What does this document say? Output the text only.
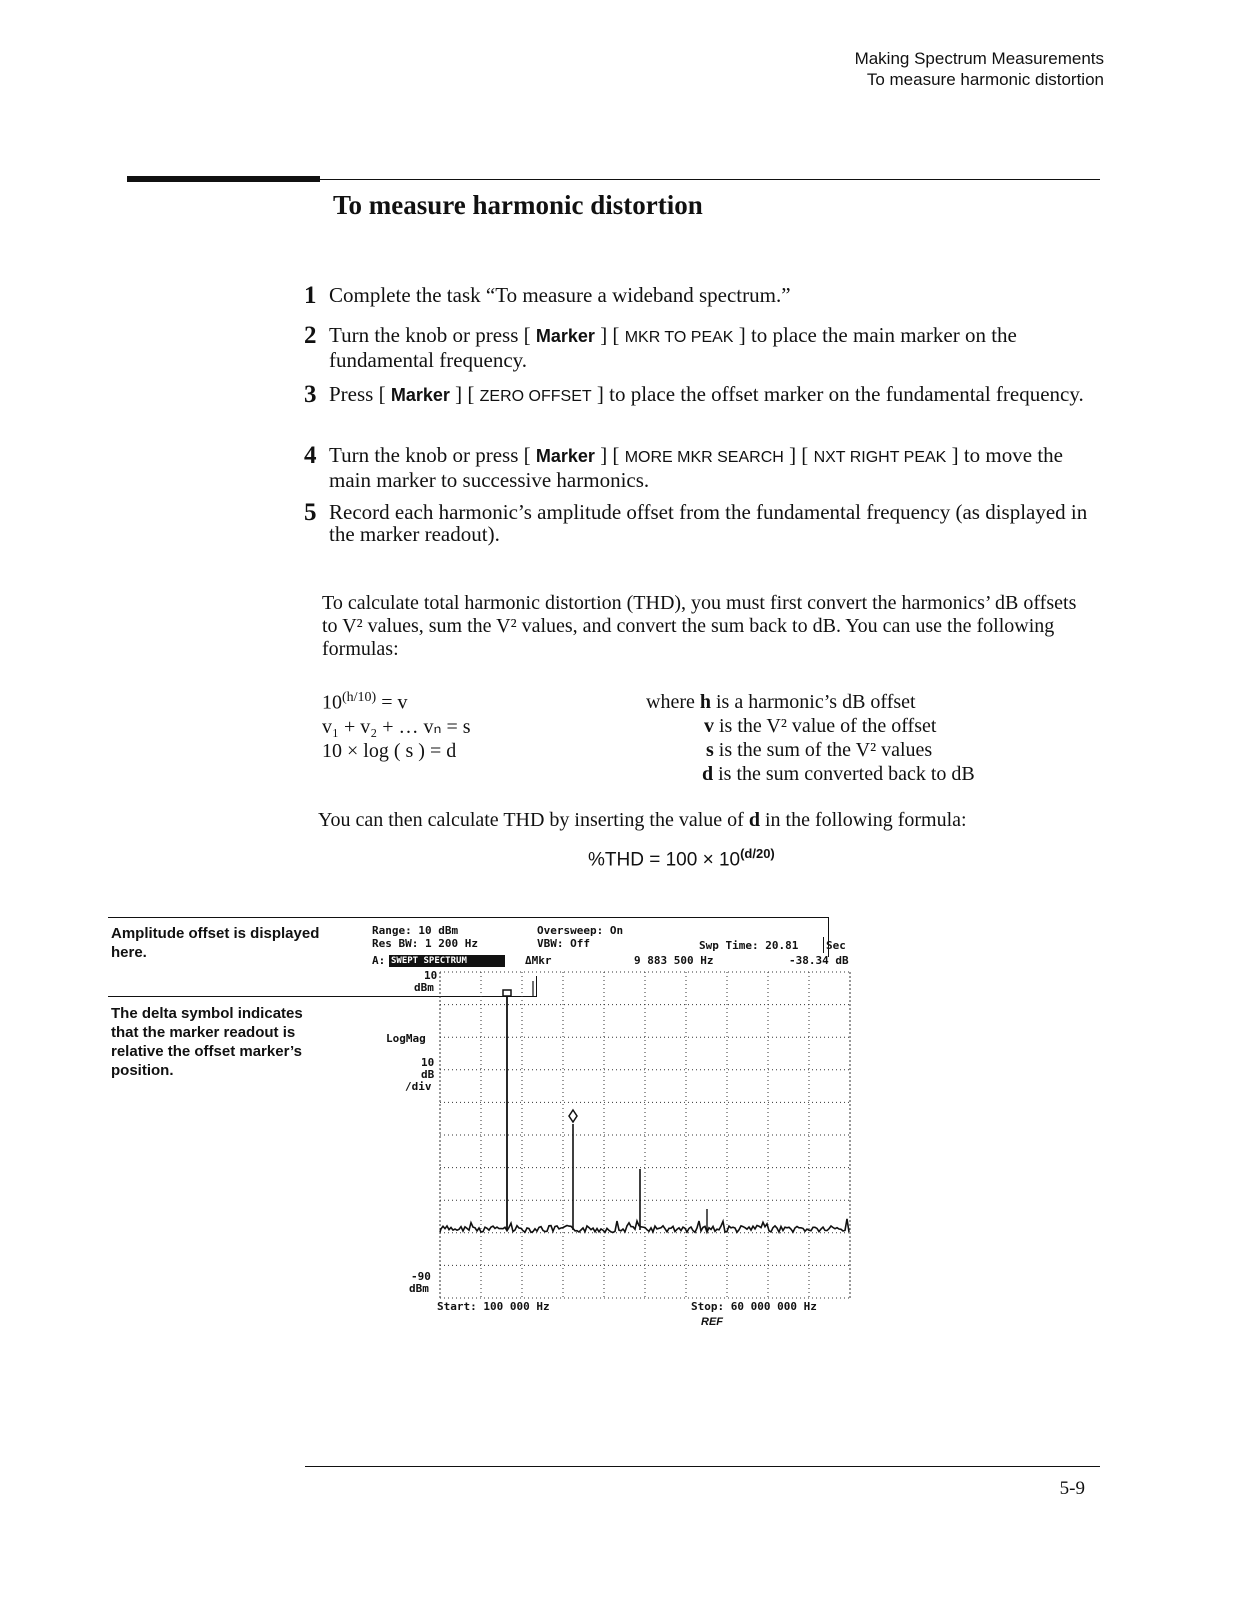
Making Spectrum Measurements
To measure harmonic distortion
To measure harmonic distortion
1 Complete the task “To measure a wideband spectrum.”
2 Turn the knob or press [ Marker ] [ MKR TO PEAK ] to place the main marker on the fundamental frequency.
3 Press [ Marker ] [ ZERO OFFSET ] to place the offset marker on the fundamental frequency.
4 Turn the knob or press [ Marker ] [ MORE MKR SEARCH ] [ NXT RIGHT PEAK ] to move the main marker to successive harmonics.
5 Record each harmonic’s amplitude offset from the fundamental frequency (as displayed in the marker readout).
To calculate total harmonic distortion (THD), you must first convert the harmonics’ dB offsets to V² values, sum the V² values, and convert the sum back to dB. You can use the following formulas:
$10^{(h/10)} = v$
v₁ + v₂ + … vₙ = s
10 × log ( s ) = d
where h is a harmonic’s dB offset
v is the V² value of the offset
s is the sum of the V² values
d is the sum converted back to dB
You can then calculate THD by inserting the value of d in the following formula:
$\%THD = 100 \times 10^{(d/20)}$
Amplitude offset is displayed here.
The delta symbol indicates that the marker readout is relative the offset marker’s position.
Range: 10 dBm
Res BW: 1 200 Hz
A: SWEPT SPECTRUM
Oversweep: On
VBW: Off
ΔMkr
Swp Time: 20.81	Sec
9 883 500 Hz	-38.34 dB
10
dBm
LogMag
10
dB
/div
-90
dBm
Start: 100 000 Hz	Stop: 60 000 000 Hz
REF
5-9
